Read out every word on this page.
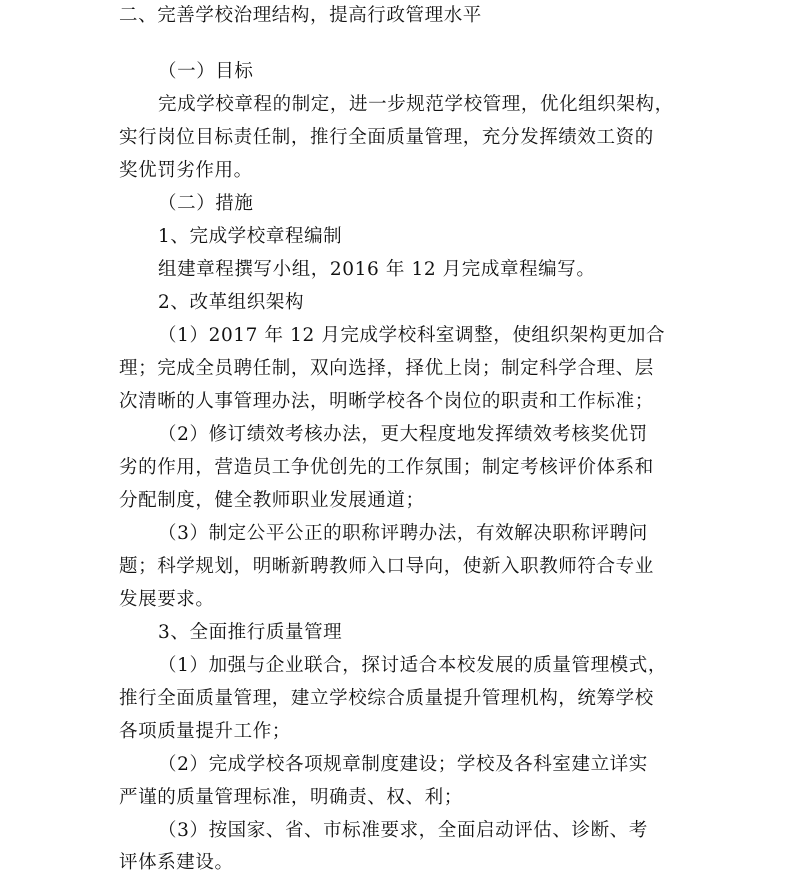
二、完善学校治理结构，提高行政管理水平
（一）目标
完成学校章程的制定，进一步规范学校管理，优化组织架构，
实行岗位目标责任制，推行全面质量管理，充分发挥绩效工资的
奖优罚劣作用。
（二）措施
1、完成学校章程编制
组建章程撰写小组，2016 年 12 月完成章程编写。
2、改革组织架构
（1）2017 年 12 月完成学校科室调整，使组织架构更加合
理；完成全员聘任制，双向选择，择优上岗；制定科学合理、层
次清晰的人事管理办法，明晰学校各个岗位的职责和工作标准；
（2）修订绩效考核办法，更大程度地发挥绩效考核奖优罚
劣的作用，营造员工争优创先的工作氛围；制定考核评价体系和
分配制度，健全教师职业发展通道；
（3）制定公平公正的职称评聘办法，有效解决职称评聘问
题；科学规划，明晰新聘教师入口导向，使新入职教师符合专业
发展要求。
3、全面推行质量管理
（1）加强与企业联合，探讨适合本校发展的质量管理模式，
推行全面质量管理，建立学校综合质量提升管理机构，统筹学校
各项质量提升工作；
（2）完成学校各项规章制度建设；学校及各科室建立详实
严谨的质量管理标准，明确责、权、利；
（3）按国家、省、市标准要求，全面启动评估、诊断、考
评体系建设。
